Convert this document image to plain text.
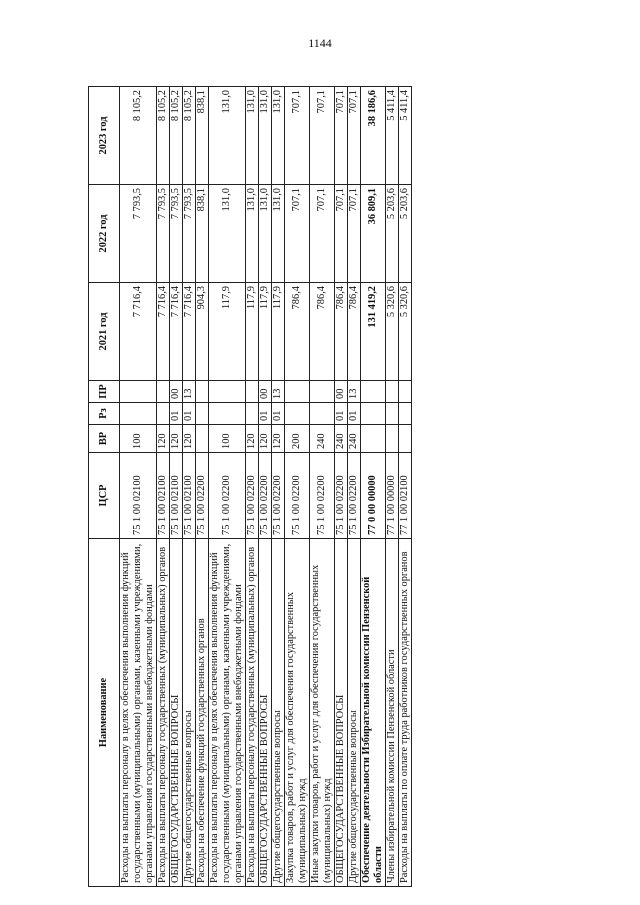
1144
Наименование	ЦСР	ВР	Рз	ПР	2021 год	2022 год	2023 год
Расходы на выплаты персоналу в целях обеспечения выполнения функций государственными (муниципальными) органами, казенными учреждениями, органами управления государственными внебюджетными фондами	75 1 00 02100	100			7 716,4	7 793,5	8 105,2
Расходы на выплаты персоналу государственных (муниципальных) органов	75 1 00 02100	120			7 716,4	7 793,5	8 105,2
ОБЩЕГОСУДАРСТВЕННЫЕ ВОПРОСЫ	75 1 00 02100	120	01	00	7 716,4	7 793,5	8 105,2
Другие общегосударственные вопросы	75 1 00 02100	120	01	13	7 716,4	7 793,5	8 105,2
Расходы на обеспечение функций государственных органов	75 1 00 02200				904,3	838,1	838,1
Расходы на выплаты персоналу в целях обеспечения выполнения функций государственными (муниципальными) органами, казенными учреждениями, органами управления государственными внебюджетными фондами	75 1 00 02200	100			117,9	131,0	131,0
Расходы на выплаты персоналу государственных (муниципальных) органов	75 1 00 02200	120			117,9	131,0	131,0
ОБЩЕГОСУДАРСТВЕННЫЕ ВОПРОСЫ	75 1 00 02200	120	01	00	117,9	131,0	131,0
Другие общегосударственные вопросы	75 1 00 02200	120	01	13	117,9	131,0	131,0
Закупка товаров, работ и услуг для обеспечения государственных (муниципальных) нужд	75 1 00 02200	200			786,4	707,1	707,1
Иные закупки товаров, работ и услуг для обеспечения государственных (муниципальных) нужд	75 1 00 02200	240			786,4	707,1	707,1
ОБЩЕГОСУДАРСТВЕННЫЕ ВОПРОСЫ	75 1 00 02200	240	01	00	786,4	707,1	707,1
Другие общегосударственные вопросы	75 1 00 02200	240	01	13	786,4	707,1	707,1
Обеспечение деятельности Избирательной комиссии Пензенской области	77 0 00 00000				131 419,2	36 809,1	38 186,6
Члены избирательной комиссии Пензенской области	77 1 00 00000				5 320,6	5 203,6	5 411,4
Расходы на выплаты по оплате труда работников государственных органов	77 1 00 02100				5 320,6	5 203,6	5 411,4
